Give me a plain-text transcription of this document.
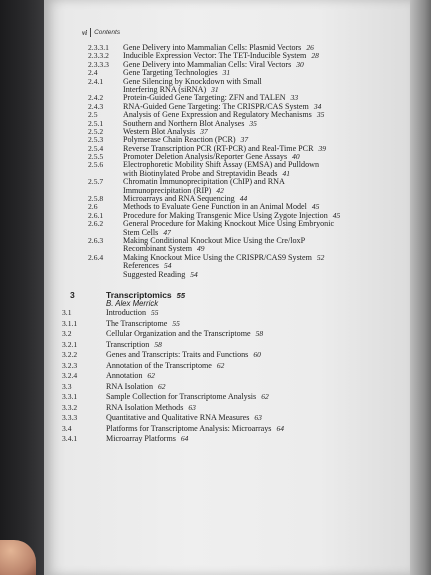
vi Contents
2.3.3.1 Gene Delivery into Mammalian Cells: Plasmid Vectors 26
2.3.3.2 Inducible Expression Vector: The TET-Inducible System 28
2.3.3.3 Gene Delivery into Mammalian Cells: Viral Vectors 30
2.4	Gene Targeting Technologies 31
2.4.1 Gene Silencing by Knockdown with Small
Interfering RNA (siRNA) 31
2.4.2 Protein-Guided Gene Targeting: ZFN and TALEN 33
2.4.3 RNA-Guided Gene Targeting: The CRISPR/CAS System 34
2.5	Analysis of Gene Expression and Regulatory Mechanisms 35
2.5.1 Southern and Northern Blot Analyses 35
2.5.2 Western Blot Analysis 37
2.5.3 Polymerase Chain Reaction (PCR) 37
2.5.4 Reverse Transcription PCR (RT-PCR) and Real-Time PCR 39
2.5.5 Promoter Deletion Analysis/Reporter Gene Assays 40
2.5.6 Electrophoretic Mobility Shift Assay (EMSA) and Pulldown
with Biotinylated Probe and Streptavidin Beads 41
2.5.7 Chromatin Immunoprecipitation (ChIP) and RNA
Immunoprecipitation (RIP) 42
2.5.8 Microarrays and RNA Sequencing 44
2.6	Methods to Evaluate Gene Function in an Animal Model 45
2.6.1 Procedure for Making Transgenic Mice Using Zygote Injection 45
2.6.2 General Procedure for Making Knockout Mice Using Embryonic
Stem Cells 47
2.6.3 Making Conditional Knockout Mice Using the Cre/loxP
Recombinant System 49
2.6.4 Making Knockout Mice Using the CRISPR/CAS9 System 52
References 54
Suggested Reading 54
3	Transcriptomics 55
B. Alex Merrick
3.1	Introduction 55
3.1.1	The Transcriptome 55
3.2	Cellular Organization and the Transcriptome 58
3.2.1	Transcription 58
3.2.2	Genes and Transcripts: Traits and Functions 60
3.2.3	Annotation of the Transcriptome 62
3.2.4	Annotation 62
3.3	RNA Isolation 62
3.3.1	Sample Collection for Transcriptome Analysis 62
3.3.2	RNA Isolation Methods 63
3.3.3	Quantitative and Qualitative RNA Measures 63
3.4	Platforms for Transcriptome Analysis: Microarrays 64
3.4.1	Microarray Platforms 64
